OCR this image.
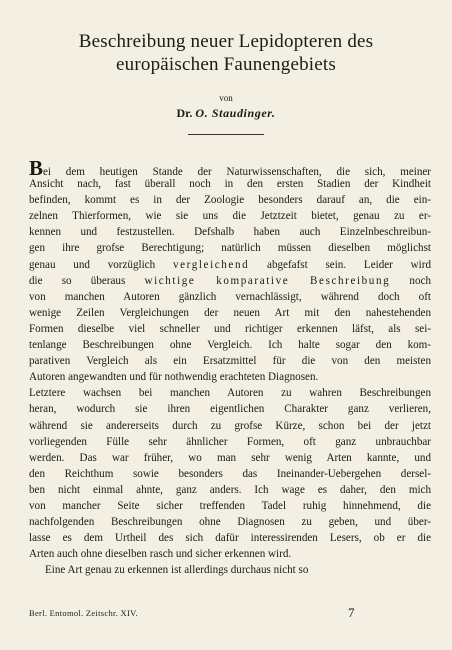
Beschreibung neuer Lepidopteren des
europäischen Faunengebiets
von
Dr. O. Staudinger.
Bei dem heutigen Stande der Naturwissenschaften, die sich, meiner
Ansicht nach, fast überall noch in den ersten Stadien der Kindheit
befinden, kommt es in der Zoologie besonders darauf an, die ein-
zelnen Thierformen, wie sie uns die Jetztzeit bietet, genau zu er-
kennen und festzustellen. Defshalb haben auch Einzelnbeschreibun-
gen ihre grofse Berechtigung; natürlich müssen dieselben möglichst
genau und vorzüglich vergleichend abgefafst sein. Leider wird
die so überaus wichtige komparative Beschreibung noch
von manchen Autoren gänzlich vernachlässigt, während doch oft
wenige Zeilen Vergleichungen der neuen Art mit den nahestehenden
Formen dieselbe viel schneller und richtiger erkennen läfst, als sei-
tenlange Beschreibungen ohne Vergleich. Ich halte sogar den kom-
parativen Vergleich als ein Ersatzmittel für die von den meisten
Autoren angewandten und für nothwendig erachteten Diagnosen.
Letztere wachsen bei manchen Autoren zu wahren Beschreibungen
heran, wodurch sie ihren eigentlichen Charakter ganz verlieren,
während sie andererseits durch zu grofse Kürze, schon bei der jetzt
vorliegenden Fülle sehr ähnlicher Formen, oft ganz unbrauchbar
werden. Das war früher, wo man sehr wenig Arten kannte, und
den Reichthum sowie besonders das Ineinander-Uebergehen dersel-
ben nicht einmal ahnte, ganz anders. Ich wage es daher, den mich
von mancher Seite sicher treffenden Tadel ruhig hinnehmend, die
nachfolgenden Beschreibungen ohne Diagnosen zu geben, und über-
lasse es dem Urtheil des sich dafür interessirenden Lesers, ob er die
Arten auch ohne dieselben rasch und sicher erkennen wird.
Eine Art genau zu erkennen ist allerdings durchaus nicht so
Berl. Entomol. Zeitschr. XIV.	7
